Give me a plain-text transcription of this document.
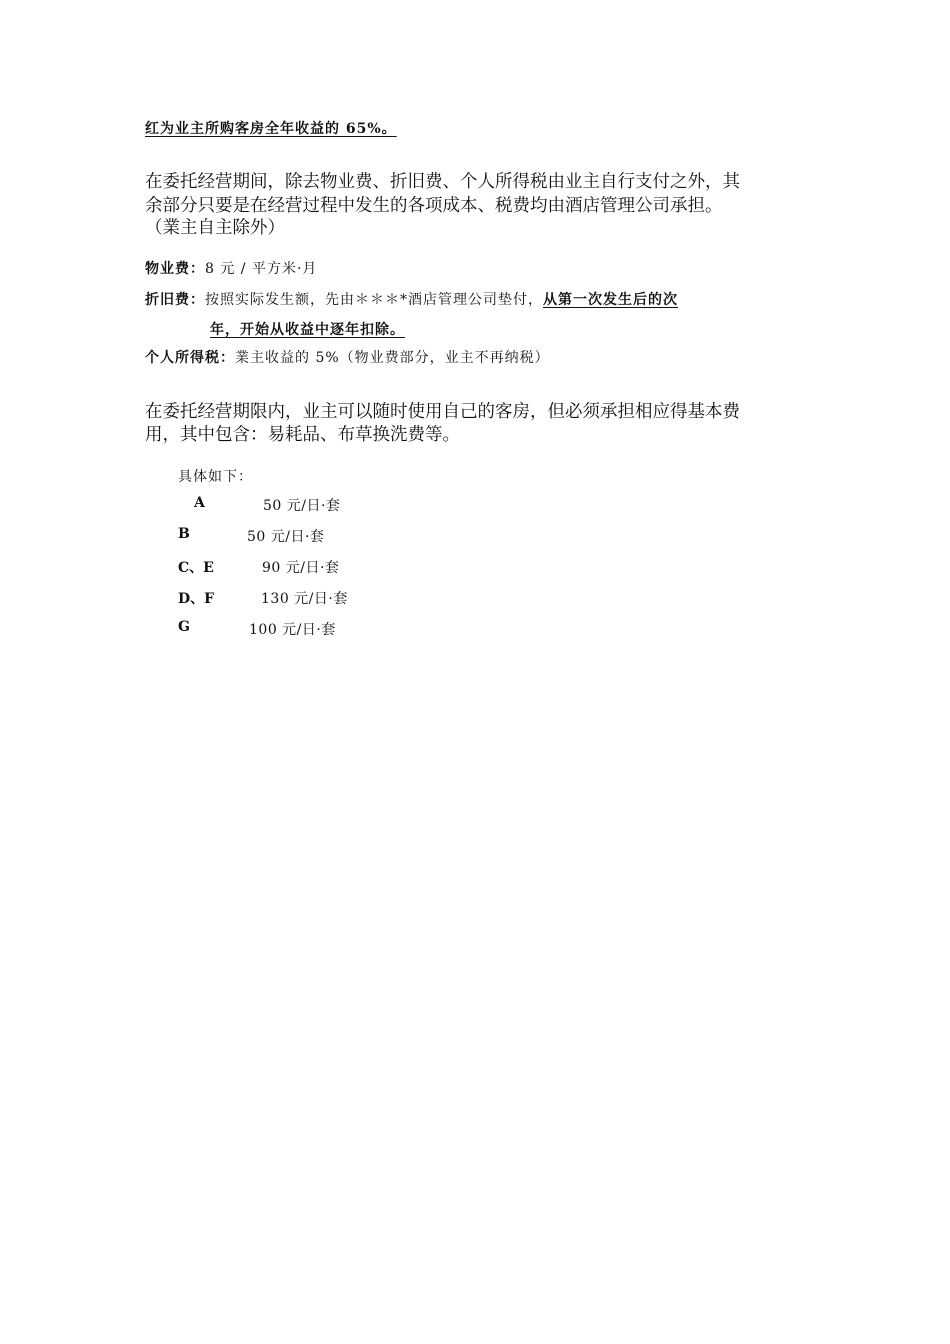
红为业主所购客房全年收益的 65%。
在委托经营期间，除去物业费、折旧费、个人所得税由业主自行支付之外，其
余部分只要是在经营过程中发生的各项成本、税费均由酒店管理公司承担。
（業主自主除外）
物业费：8 元 / 平方米·月
折旧费：按照实际发生额，先由＊＊＊*酒店管理公司垫付，从第一次发生后的次
年，开始从收益中逐年扣除。
个人所得税：業主收益的 5%（物业费部分，业主不再纳税）
在委托经营期限内，业主可以随时使用自己的客房，但必须承担相应得基本费
用，其中包含：易耗品、布草换洗费等。
具体如下：
A	50 元/日·套
B	50 元/日·套
C、E	90 元/日·套
D、F	130 元/日·套
G	100 元/日·套
